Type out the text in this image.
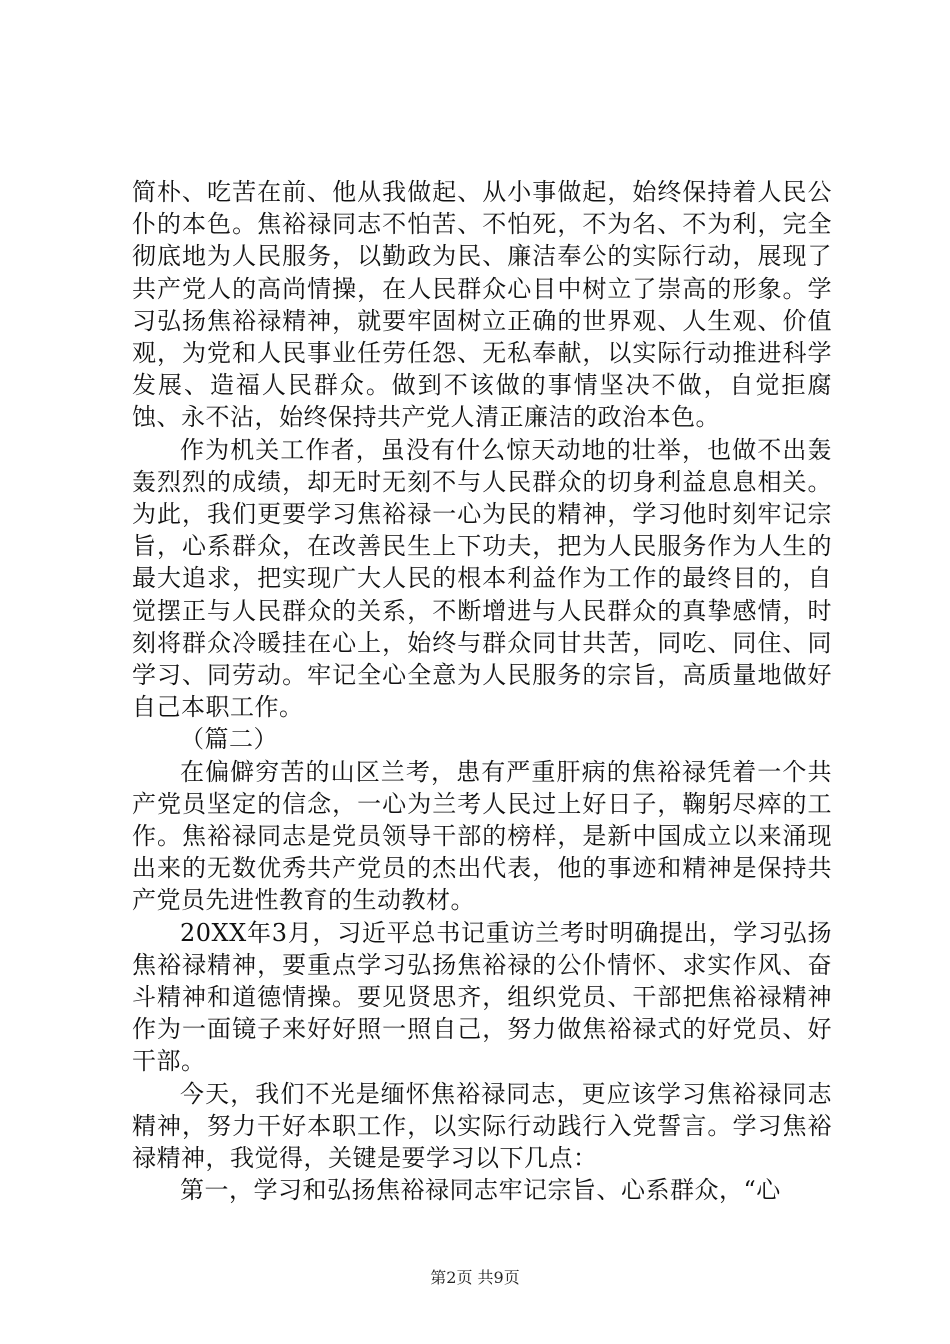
简朴、吃苦在前、他从我做起、从小事做起，始终保持着人民公仆的本色。焦裕禄同志不怕苦、不怕死，不为名、不为利，完全彻底地为人民服务，以勤政为民、廉洁奉公的实际行动，展现了共产党人的高尚情操，在人民群众心目中树立了崇高的形象。学习弘扬焦裕禄精神，就要牢固树立正确的世界观、人生观、价值观，为党和人民事业任劳任怨、无私奉献，以实际行动推进科学发展、造福人民群众。做到不该做的事情坚决不做，自觉拒腐蚀、永不沾，始终保持共产党人清正廉洁的政治本色。

作为机关工作者，虽没有什么惊天动地的壮举，也做不出轰轰烈烈的成绩，却无时无刻不与人民群众的切身利益息息相关。为此，我们更要学习焦裕禄一心为民的精神，学习他时刻牢记宗旨，心系群众，在改善民生上下功夫，把为人民服务作为人生的最大追求，把实现广大人民的根本利益作为工作的最终目的，自觉摆正与人民群众的关系，不断增进与人民群众的真挚感情，时刻将群众冷暖挂在心上，始终与群众同甘共苦，同吃、同住、同学习、同劳动。牢记全心全意为人民服务的宗旨，高质量地做好自己本职工作。

（篇二）

在偏僻穷苦的山区兰考，患有严重肝病的焦裕禄凭着一个共产党员坚定的信念，一心为兰考人民过上好日子，鞠躬尽瘁的工作。焦裕禄同志是党员领导干部的榜样，是新中国成立以来涌现出来的无数优秀共产党员的杰出代表，他的事迹和精神是保持共产党员先进性教育的生动教材。

20XX年3月，习近平总书记重访兰考时明确提出，学习弘扬焦裕禄精神，要重点学习弘扬焦裕禄的公仆情怀、求实作风、奋斗精神和道德情操。要见贤思齐，组织党员、干部把焦裕禄精神作为一面镜子来好好照一照自己，努力做焦裕禄式的好党员、好干部。

今天，我们不光是缅怀焦裕禄同志，更应该学习焦裕禄同志精神，努力干好本职工作，以实际行动践行入党誓言。学习焦裕禄精神，我觉得，关键是要学习以下几点：

第一，学习和弘扬焦裕禄同志牢记宗旨、心系群众，“心

第2页 共9页
